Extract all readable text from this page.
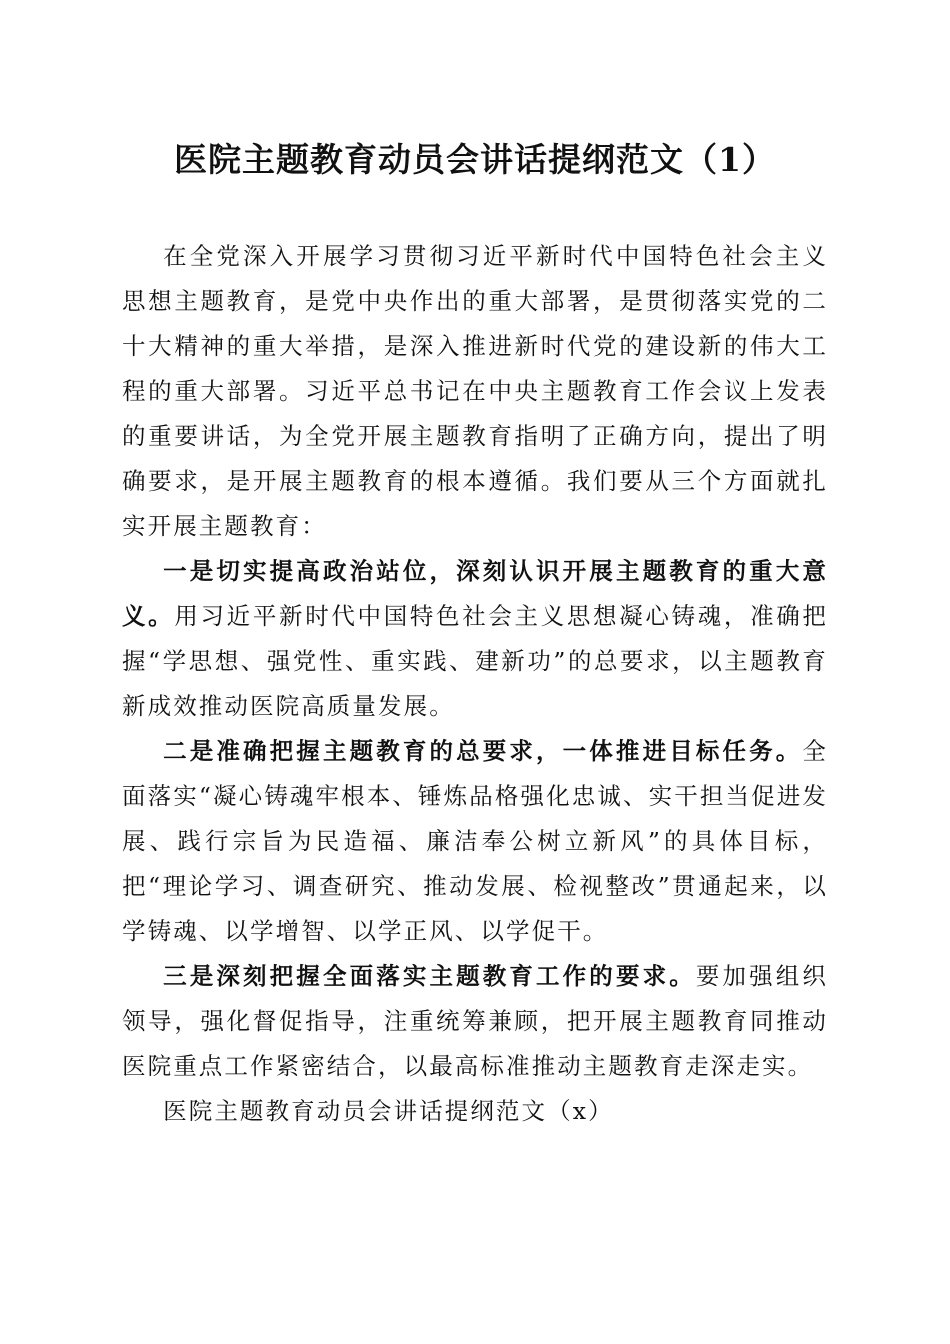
医院主题教育动员会讲话提纲范文（1）

在全党深入开展学习贯彻习近平新时代中国特色社会主义思想主题教育，是党中央作出的重大部署，是贯彻落实党的二十大精神的重大举措，是深入推进新时代党的建设新的伟大工程的重大部署。习近平总书记在中央主题教育工作会议上发表的重要讲话，为全党开展主题教育指明了正确方向，提出了明确要求，是开展主题教育的根本遵循。我们要从三个方面就扎实开展主题教育：

一是切实提高政治站位，深刻认识开展主题教育的重大意义。用习近平新时代中国特色社会主义思想凝心铸魂，准确把握“学思想、强党性、重实践、建新功”的总要求，以主题教育新成效推动医院高质量发展。

二是准确把握主题教育的总要求，一体推进目标任务。全面落实“凝心铸魂牢根本、锤炼品格强化忠诚、实干担当促进发展、践行宗旨为民造福、廉洁奉公树立新风”的具体目标，把“理论学习、调查研究、推动发展、检视整改”贯通起来，以学铸魂、以学增智、以学正风、以学促干。

三是深刻把握全面落实主题教育工作的要求。要加强组织领导，强化督促指导，注重统筹兼顾，把开展主题教育同推动医院重点工作紧密结合，以最高标准推动主题教育走深走实。

医院主题教育动员会讲话提纲范文（x）
